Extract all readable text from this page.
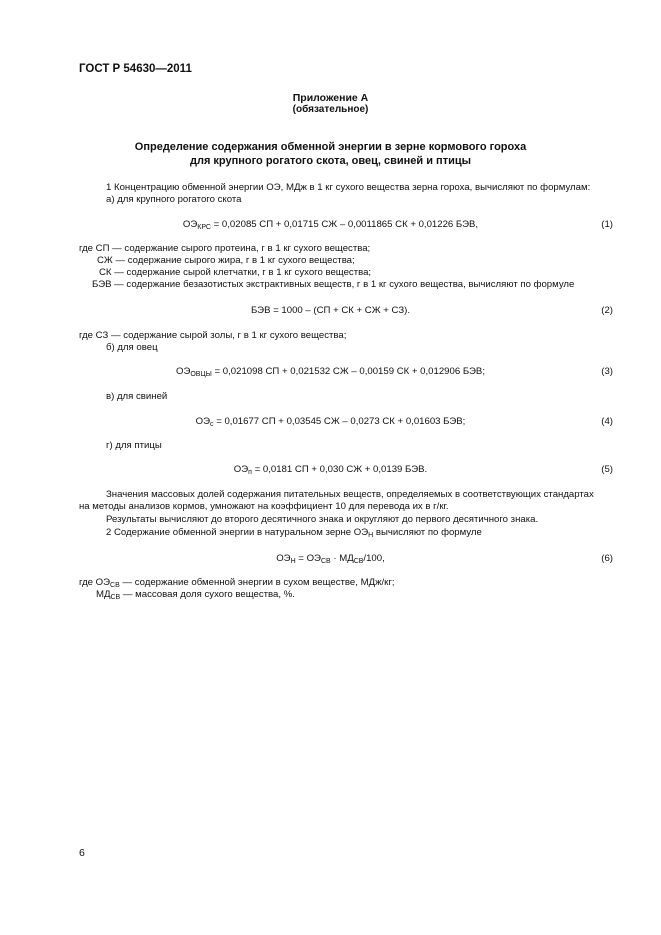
ГОСТ Р 54630—2011
Приложение А
(обязательное)
Определение содержания обменной энергии в зерне кормового гороха
для крупного рогатого скота, овец, свиней и птицы
1 Концентрацию обменной энергии ОЭ, МДж в 1 кг сухого вещества зерна гороха, вычисляют по формулам:
а) для крупного рогатого скота
$ОЭ_{КРС} = 0,02085$ СП + 0,01715 СЖ – 0,0011865 СК + 0,01226 БЭВ,	(1)
где СП — содержание сырого протеина, г в 1 кг сухого вещества;
СЖ — содержание сырого жира, г в 1 кг сухого вещества;
СК — содержание сырой клетчатки, г в 1 кг сухого вещества;
БЭВ — содержание безазотистых экстрактивных веществ, г в 1 кг сухого вещества, вычисляют по формуле
БЭВ = 1000 – (СП + СК + СЖ + СЗ).	(2)
где СЗ — содержание сырой золы, г в 1 кг сухого вещества;
б) для овец
$ОЭ_{ОВЦЫ} = 0,021098$ СП + 0,021532 СЖ – 0,00159 СК + 0,012906 БЭВ;	(3)
в) для свиней
$ОЭ_с = 0,01677$ СП + 0,03545 СЖ – 0,0273 СК + 0,01603 БЭВ;	(4)
г) для птицы
$ОЭ_п = 0,0181$ СП + 0,030 СЖ + 0,0139 БЭВ.	(5)
Значения массовых долей содержания питательных веществ, определяемых в соответствующих стандартах
на методы анализов кормов, умножают на коэффициент 10 для перевода их в г/кг.
Результаты вычисляют до второго десятичного знака и округляют до первого десятичного знака.
2 Содержание обменной энергии в натуральном зерне $ОЭ_Н$ вычисляют по формуле
$ОЭ_Н = ОЭ_{СВ} \cdot МД_{СВ}/100$,	(6)
где $ОЭ_{СВ}$ — содержание обменной энергии в сухом веществе, МДж/кг;
$МД_{СВ}$ — массовая доля сухого вещества, %.
6
